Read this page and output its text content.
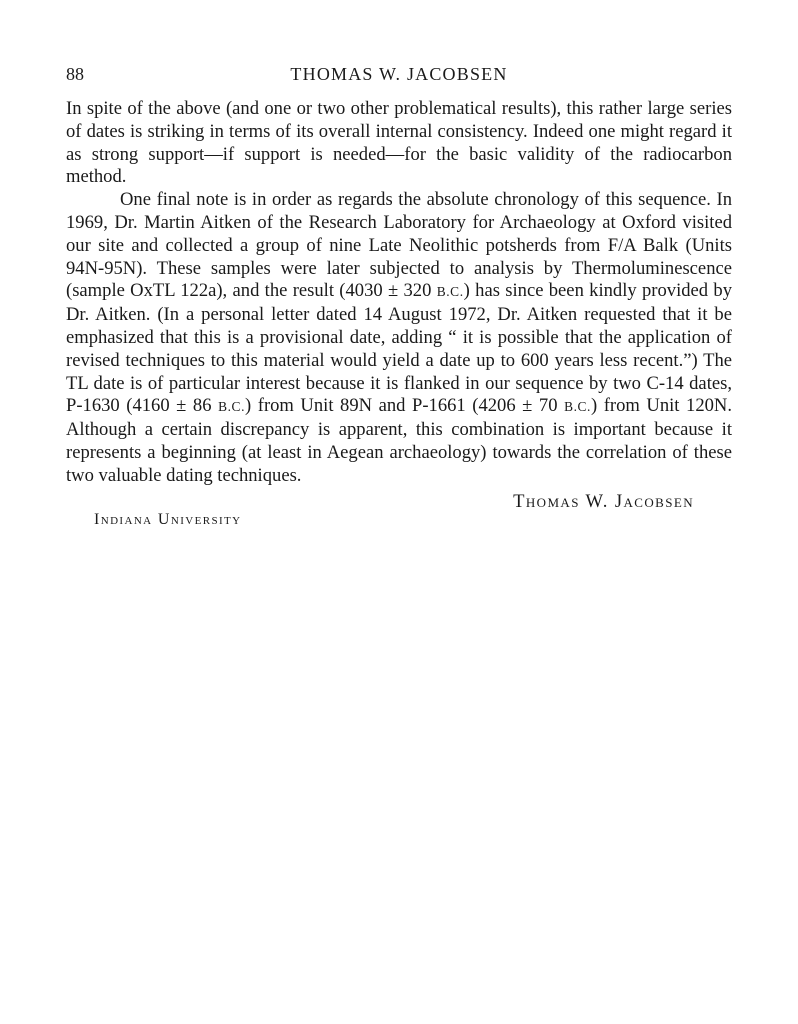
88	THOMAS W. JACOBSEN

In spite of the above (and one or two other problematical results), this rather large series of dates is striking in terms of its overall internal consistency. Indeed one might regard it as strong support—if support is needed—for the basic validity of the radiocarbon method.

One final note is in order as regards the absolute chronology of this sequence. In 1969, Dr. Martin Aitken of the Research Laboratory for Archaeology at Oxford visited our site and collected a group of nine Late Neolithic potsherds from F/A Balk (Units 94N-95N). These samples were later subjected to analysis by Thermoluminescence (sample OxTL 122a), and the result (4030 ± 320 B.C.) has since been kindly provided by Dr. Aitken. (In a personal letter dated 14 August 1972, Dr. Aitken requested that it be emphasized that this is a provisional date, adding “ it is possible that the application of revised techniques to this material would yield a date up to 600 years less recent.”) The TL date is of particular interest because it is flanked in our sequence by two C-14 dates, P-1630 (4160 ± 86 B.C.) from Unit 89N and P-1661 (4206 ± 70 B.C.) from Unit 120N. Although a certain discrepancy is apparent, this combination is important because it represents a beginning (at least in Aegean archaeology) towards the correlation of these two valuable dating techniques.

Thomas W. Jacobsen
Indiana University
